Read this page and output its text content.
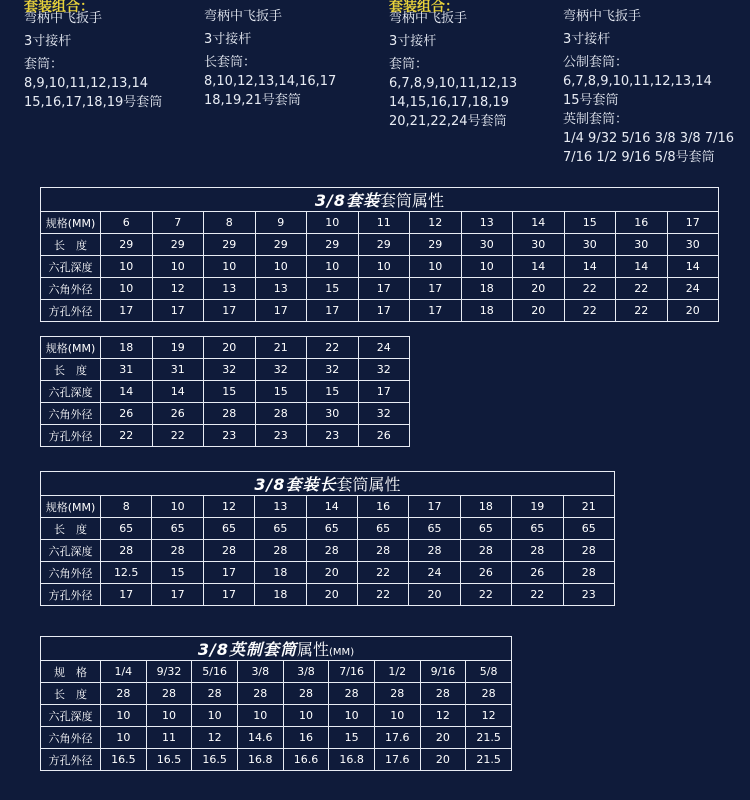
套装组合：
弯柄中飞扳手
3寸接杆
套筒：
8,9,10,11,12,13,14
15,16,17,18,19号套筒
弯柄中飞扳手
3寸接杆
长套筒：
8,10,12,13,14,16,17
18,19,21号套筒
套装组合：
弯柄中飞扳手
3寸接杆
套筒：
6,7,8,9,10,11,12,13
14,15,16,17,18,19
20,21,22,24号套筒
弯柄中飞扳手
3寸接杆
公制套筒：
6,7,8,9,10,11,12,13,14
15号套筒
英制套筒：
1/4 9/32 5/16 3/8 3/8 7/16
7/16 1/2 9/16 5/8号套筒
3/8套装套筒属性												
规格(MM)	6	7	8	9	10	11	12	13	14	15	16	17
长　度	29	29	29	29	29	29	29	30	30	30	30	30
六孔深度	10	10	10	10	10	10	10	10	14	14	14	14
六角外径	10	12	13	13	15	17	17	18	20	22	22	24
方孔外径	17	17	17	17	17	17	17	18	20	22	22	20
规格(MM)	18	19	20	21	22	24
长　度	31	31	32	32	32	32
六孔深度	14	14	15	15	15	17
六角外径	26	26	28	28	30	32
方孔外径	22	22	23	23	23	26
3/8套装长套筒属性										
规格(MM)	8	10	12	13	14	16	17	18	19	21
长　度	65	65	65	65	65	65	65	65	65	65
六孔深度	28	28	28	28	28	28	28	28	28	28
六角外径	12.5	15	17	18	20	22	24	26	26	28
方孔外径	17	17	17	18	20	22	20	22	22	23
3/8英制套筒属性(MM)									
规　格	1/4	9/32	5/16	3/8	3/8	7/16	1/2	9/16	5/8
长　度	28	28	28	28	28	28	28	28	28
六孔深度	10	10	10	10	10	10	10	12	12
六角外径	10	11	12	14.6	16	15	17.6	20	21.5
方孔外径	16.5	16.5	16.5	16.8	16.6	16.8	17.6	20	21.5
